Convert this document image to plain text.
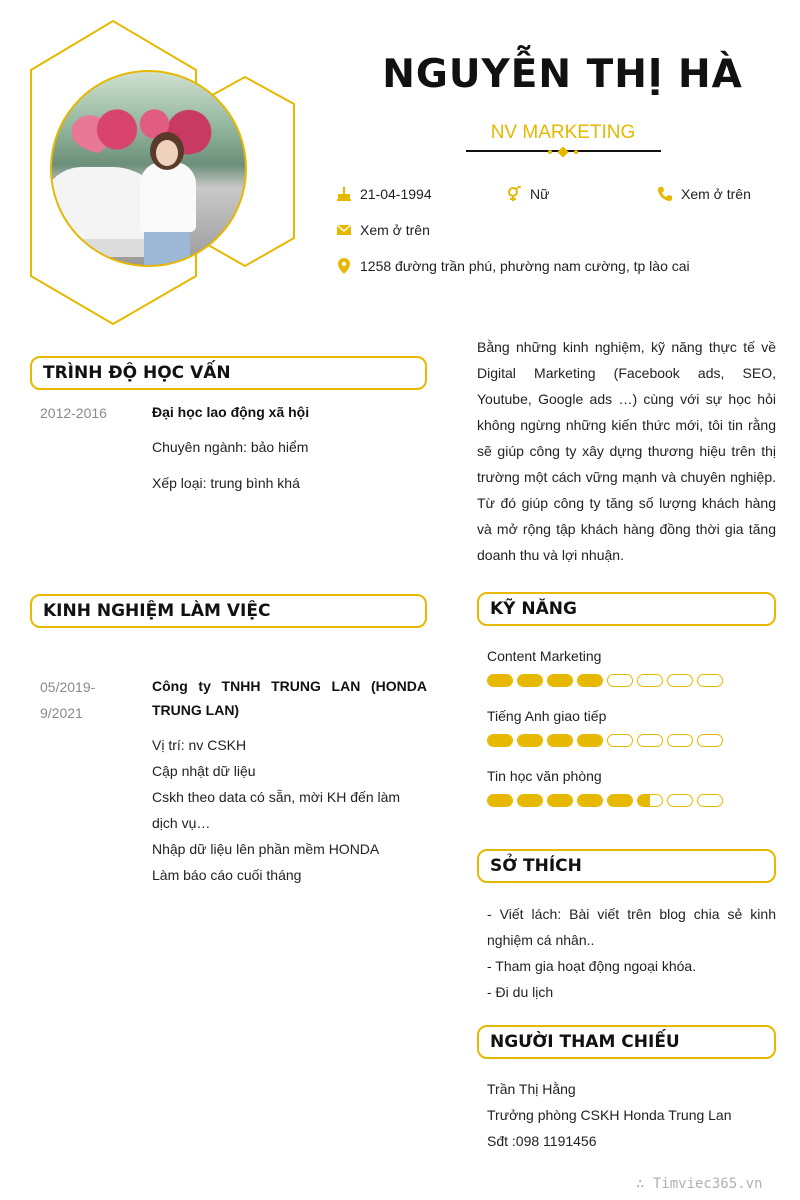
NGUYỄN THỊ HÀ
NV MARKETING
21-04-1994	Nữ	Xem ở trên
Xem ở trên
1258 đường trần phú, phường nam cường, tp lào cai
TRÌNH ĐỘ HỌC VẤN
2012-2016	Đại học lao động xã hội
Chuyên ngành: bảo hiểm
Xếp loại: trung bình khá
Bằng những kinh nghiệm, kỹ năng thực tế về Digital Marketing (Facebook ads, SEO, Youtube, Google ads …) cùng với sự học hỏi không ngừng những kiến thức mới, tôi tin rằng sẽ giúp công ty xây dựng thương hiệu trên thị trường một cách vững mạnh và chuyên nghiệp. Từ đó giúp công ty tăng số lượng khách hàng và mở rộng tập khách hàng đồng thời gia tăng doanh thu và lợi nhuận.
KINH NGHIỆM LÀM VIỆC
05/2019-
9/2021
Công ty TNHH TRUNG LAN (HONDA TRUNG LAN)
Vị trí: nv CSKH
Cập nhật dữ liệu
Cskh theo data có sẵn, mời KH đến làm dịch vụ…
Nhập dữ liệu lên phần mềm HONDA
Làm báo cáo cuối tháng
KỸ NĂNG
Content Marketing
Tiếng Anh giao tiếp
Tin học văn phòng
SỞ THÍCH
- Viết lách: Bài viết trên blog chia sẻ kinh nghiệm cá nhân..
- Tham gia hoạt động ngoại khóa.
- Đi du lịch
NGƯỜI THAM CHIẾU
Trần Thị Hằng
Trưởng phòng CSKH Honda Trung Lan
Sđt :098 1191456
∴ Timviec365.vn
